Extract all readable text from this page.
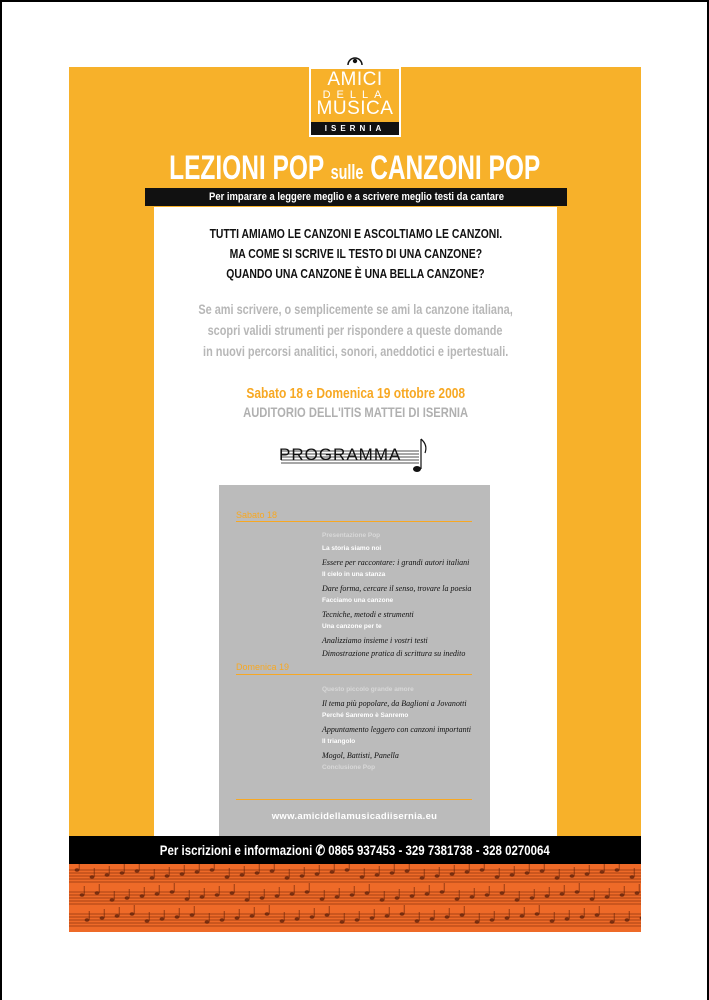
AMICI
DELLA
MUSICA
ISERNIA
LEZIONI POP sulle CANZONI POP
Per imparare a leggere meglio e a scrivere meglio testi da cantare
TUTTI AMIAMO LE CANZONI E ASCOLTIAMO LE CANZONI.
MA COME SI SCRIVE IL TESTO DI UNA CANZONE?
QUANDO UNA CANZONE È UNA BELLA CANZONE?
Se ami scrivere, o semplicemente se ami la canzone italiana,
scopri validi strumenti per rispondere a queste domande
in nuovi percorsi analitici, sonori, aneddotici e ipertestuali.
Sabato 18 e Domenica 19 ottobre 2008
AUDITORIO DELL'ITIS MATTEI DI ISERNIA
PROGRAMMA
Sabato 18
Presentazione Pop
La storia siamo noi
Essere per raccontare: i grandi autori italiani
Il cielo in una stanza
Dare forma, cercare il senso, trovare la poesia
Facciamo una canzone
Tecniche, metodi e strumenti
Una canzone per te
Analizziamo insieme i vostri testi
Dimostrazione pratica di scrittura su inedito
Domenica 19
Questo piccolo grande amore
Il tema più popolare, da Baglioni a Jovanotti
Perché Sanremo è Sanremo
Appuntamento leggero con canzoni importanti
Il triangolo
Mogol, Battisti, Panella
Conclusione Pop
www.amicidellamusicadiisernia.eu
Per iscrizioni e informazioni ✆ 0865 937453 - 329 7381738 - 328 0270064
